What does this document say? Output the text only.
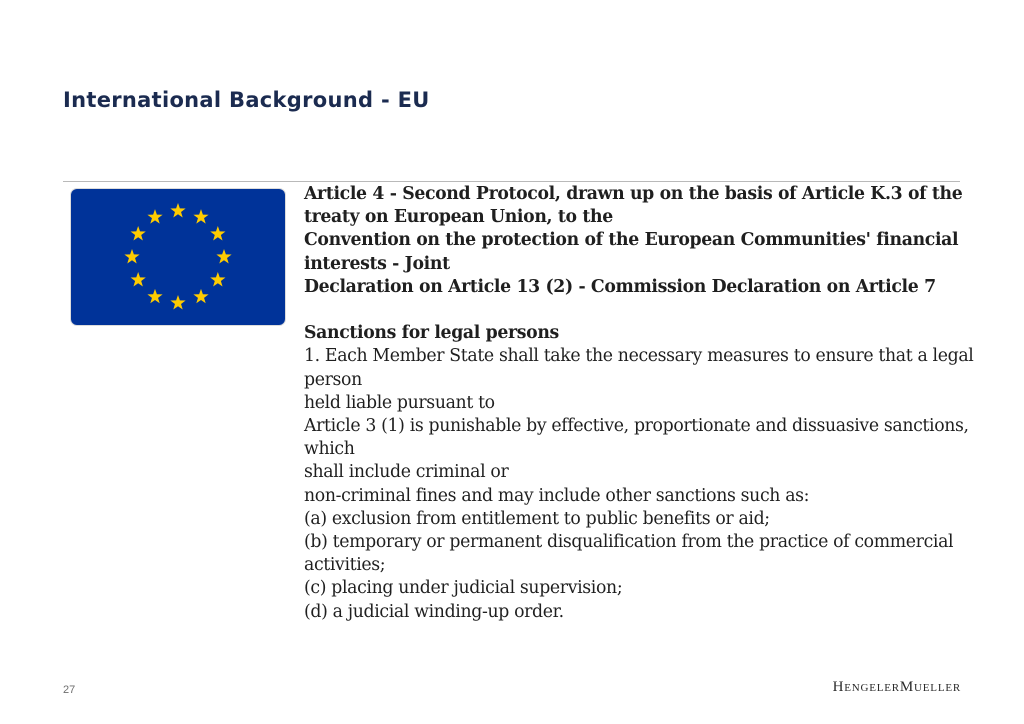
International Background - EU
Article 4 - Second Protocol, drawn up on the basis of Article K.3 of the
treaty on European Union, to the
Convention on the protection of the European Communities' financial
interests - Joint
Declaration on Article 13 (2) - Commission Declaration on Article 7
Sanctions for legal persons
1. Each Member State shall take the necessary measures to ensure that a legal person
held liable pursuant to
Article 3 (1) is punishable by effective, proportionate and dissuasive sanctions, which
shall include criminal or
non-criminal fines and may include other sanctions such as:
(a) exclusion from entitlement to public benefits or aid;
(b) temporary or permanent disqualification from the practice of commercial
activities;
(c) placing under judicial supervision;
(d) a judicial winding-up order.
27	HengelerMueller
